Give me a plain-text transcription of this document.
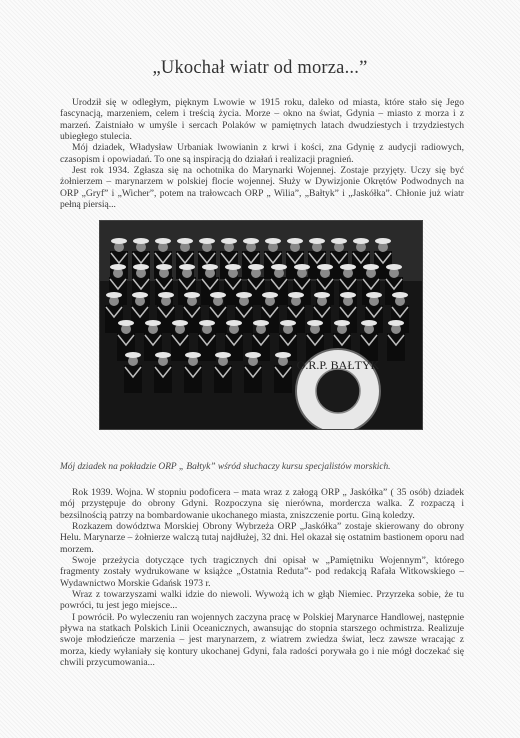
„Ukochał wiatr od morza...”

Urodził się w odległym, pięknym Lwowie w 1915 roku, daleko od miasta, które stało się Jego fascynacją, marzeniem, celem i treścią życia. Morze – okno na świat, Gdynia – miasto z morza i z marzeń. Zaistniało w umyśle i sercach Polaków w pamiętnych latach dwudziestych i trzydziestych ubiegłego stulecia.

Mój dziadek, Władysław Urbaniak lwowianin z krwi i kości, zna Gdynię z audycji radiowych, czasopism i opowiadań. To one są inspiracją do działań i realizacji pragnień.

Jest rok 1934. Zgłasza się na ochotnika do Marynarki Wojennej. Zostaje przyjęty. Uczy się być żołnierzem – marynarzem w polskiej flocie wojennej. Służy w Dywizjonie Okrętów Podwodnych na ORP „Gryf” i „Wicher”, potem na trałowcach ORP „ Wilia”, „Bałtyk” i „Jaskółka”. Chłonie już wiatr pełną piersią...

O.R.P. BAŁTYK
Mój dziadek na pokładzie ORP „ Bałtyk” wśród słuchaczy kursu specjalistów morskich.

Rok 1939. Wojna. W stopniu podoficera – mata wraz z załogą ORP „ Jaskółka” ( 35 osób) dziadek mój przystępuje do obrony Gdyni. Rozpoczyna się nierówna, mordercza walka. Z rozpaczą i bezsilnością patrzy na bombardowanie ukochanego miasta, zniszczenie portu. Giną koledzy.

Rozkazem dowództwa Morskiej Obrony Wybrzeża ORP „Jaskółka” zostaje skierowany do obrony Helu. Marynarze – żołnierze walczą tutaj najdłużej, 32 dni. Hel okazał się ostatnim bastionem oporu nad morzem.

Swoje przeżycia dotyczące tych tragicznych dni opisał w „Pamiętniku Wojennym”, którego fragmenty zostały wydrukowane w książce „Ostatnia Reduta”- pod redakcją Rafała Witkowskiego – Wydawnictwo Morskie Gdańsk 1973 r.

Wraz z towarzyszami walki idzie do niewoli. Wywożą ich w głąb Niemiec. Przyrzeka sobie, że tu powróci, tu jest jego miejsce...

I powrócił. Po wyleczeniu ran wojennych zaczyna pracę w Polskiej Marynarce Handlowej, następnie pływa na statkach Polskich Linii Oceanicznych, awansując do stopnia starszego ochmistrza. Realizuje swoje młodzieńcze marzenia – jest marynarzem, z wiatrem zwiedza świat, lecz zawsze wracając z morza, kiedy wyłaniały się kontury ukochanej Gdyni, fala radości porywała go i nie mógł doczekać się chwili przycumowania...
